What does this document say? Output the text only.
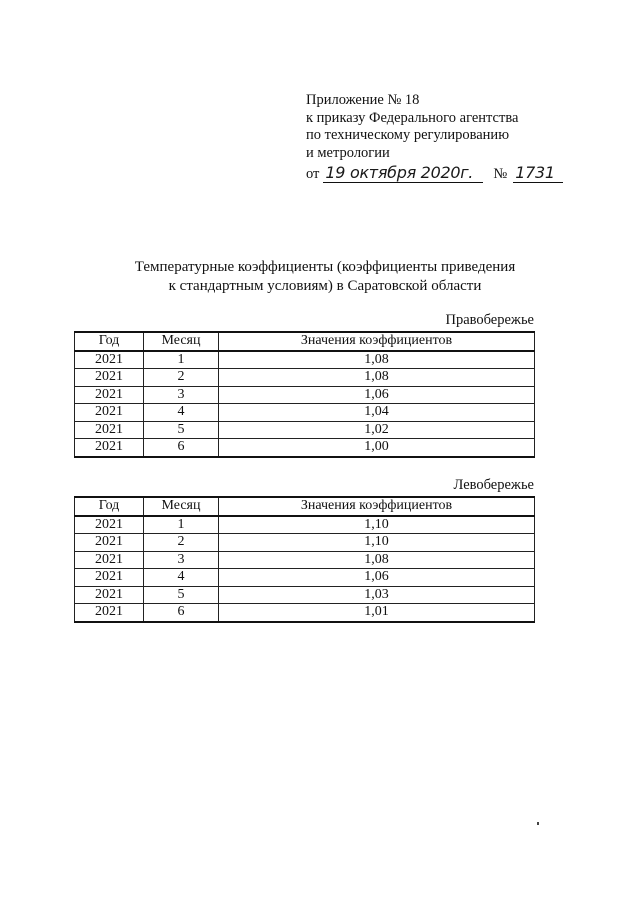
Приложение № 18
к приказу Федерального агентства
по техническому регулированию
и метрологии
от 19 октября 2020г.	№ 1731
Температурные коэффициенты (коэффициенты приведения
к стандартным условиям) в Саратовской области
Правобережье
Год	Месяц	Значения коэффициентов
2021	1	1,08
2021	2	1,08
2021	3	1,06
2021	4	1,04
2021	5	1,02
2021	6	1,00
Левобережье
Год	Месяц	Значения коэффициентов
2021	1	1,10
2021	2	1,10
2021	3	1,08
2021	4	1,06
2021	5	1,03
2021	6	1,01
